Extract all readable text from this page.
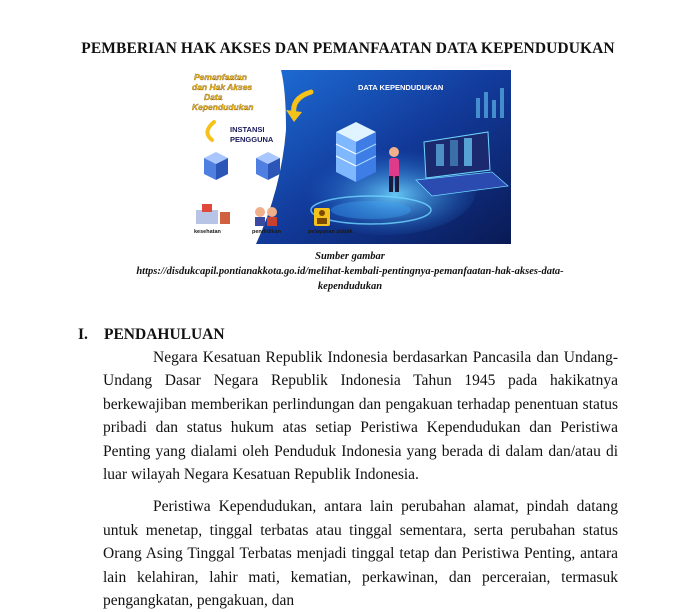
PEMBERIAN HAK AKSES DAN PEMANFAATAN DATA KEPENDUDUKAN
Pemanfaatan
dan Hak Akses
Data
Kependudukan
DATA KEPENDUDUKAN
INSTANSI
PENGGUNA
kesehatan	pendidikan	pelayanan publik
Sumber gambar
https://disdukcapil.pontianakkota.go.id/melihat-kembali-pentingnya-pemanfaatan-hak-akses-data-
kependudukan
I. PENDAHULUAN

Negara Kesatuan Republik Indonesia berdasarkan Pancasila dan Undang-Undang Dasar Negara Republik Indonesia Tahun 1945 pada hakikatnya berkewajiban memberikan perlindungan dan pengakuan terhadap penentuan status pribadi dan status hukum atas setiap Peristiwa Kependudukan dan Peristiwa Penting yang dialami oleh Penduduk Indonesia yang berada di dalam dan/atau di luar wilayah Negara Kesatuan Republik Indonesia.

Peristiwa Kependudukan, antara lain perubahan alamat, pindah datang untuk menetap, tinggal terbatas atau tinggal sementara, serta perubahan status Orang Asing Tinggal Terbatas menjadi tinggal tetap dan Peristiwa Penting, antara lain kelahiran, lahir mati, kematian, perkawinan, dan perceraian, termasuk pengangkatan, pengakuan, dan
